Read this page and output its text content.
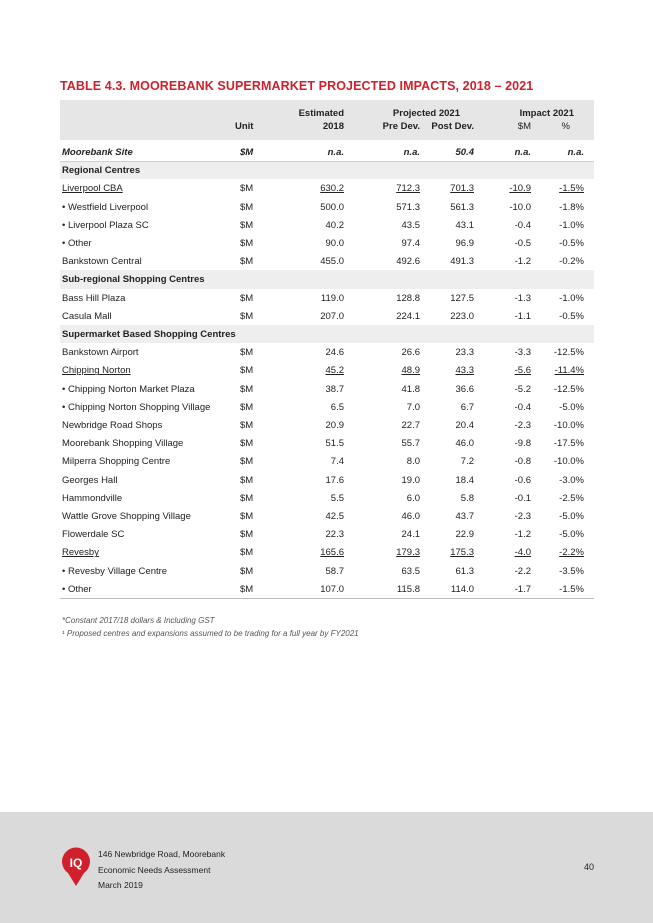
TABLE 4.3. MOOREBANK SUPERMARKET PROJECTED IMPACTS, 2018 – 2021
Estimated	Projected 2021	Impact 2021
Unit	2018	Pre Dev.	Post Dev.	$M	%
Moorebank Site	$M	n.a.	n.a.	50.4	n.a.	n.a.
Regional Centres
Liverpool CBA	$M	630.2	712.3	701.3	-10.9	-1.5%
• Westfield Liverpool	$M	500.0	571.3	561.3	-10.0	-1.8%
• Liverpool Plaza SC	$M	40.2	43.5	43.1	-0.4	-1.0%
• Other	$M	90.0	97.4	96.9	-0.5	-0.5%
Bankstown Central	$M	455.0	492.6	491.3	-1.2	-0.2%
Sub-regional Shopping Centres
Bass Hill Plaza	$M	119.0	128.8	127.5	-1.3	-1.0%
Casula Mall	$M	207.0	224.1	223.0	-1.1	-0.5%
Supermarket Based Shopping Centres
Bankstown Airport	$M	24.6	26.6	23.3	-3.3	-12.5%
Chipping Norton	$M	45.2	48.9	43.3	-5.6	-11.4%
• Chipping Norton Market Plaza	$M	38.7	41.8	36.6	-5.2	-12.5%
• Chipping Norton Shopping Village	$M	6.5	7.0	6.7	-0.4	-5.0%
Newbridge Road Shops	$M	20.9	22.7	20.4	-2.3	-10.0%
Moorebank Shopping Village	$M	51.5	55.7	46.0	-9.8	-17.5%
Milperra Shopping Centre	$M	7.4	8.0	7.2	-0.8	-10.0%
Georges Hall	$M	17.6	19.0	18.4	-0.6	-3.0%
Hammondville	$M	5.5	6.0	5.8	-0.1	-2.5%
Wattle Grove Shopping Village	$M	42.5	46.0	43.7	-2.3	-5.0%
Flowerdale SC	$M	22.3	24.1	22.9	-1.2	-5.0%
Revesby	$M	165.6	179.3	175.3	-4.0	-2.2%
• Revesby Village Centre	$M	58.7	63.5	61.3	-2.2	-3.5%
• Other	$M	107.0	115.8	114.0	-1.7	-1.5%
*Constant 2017/18 dollars & Including GST
¹ Proposed centres and expansions assumed to be trading for a full year by FY2021
IQ
146 Newbridge Road, Moorebank
Economic Needs Assessment
March 2019
40
